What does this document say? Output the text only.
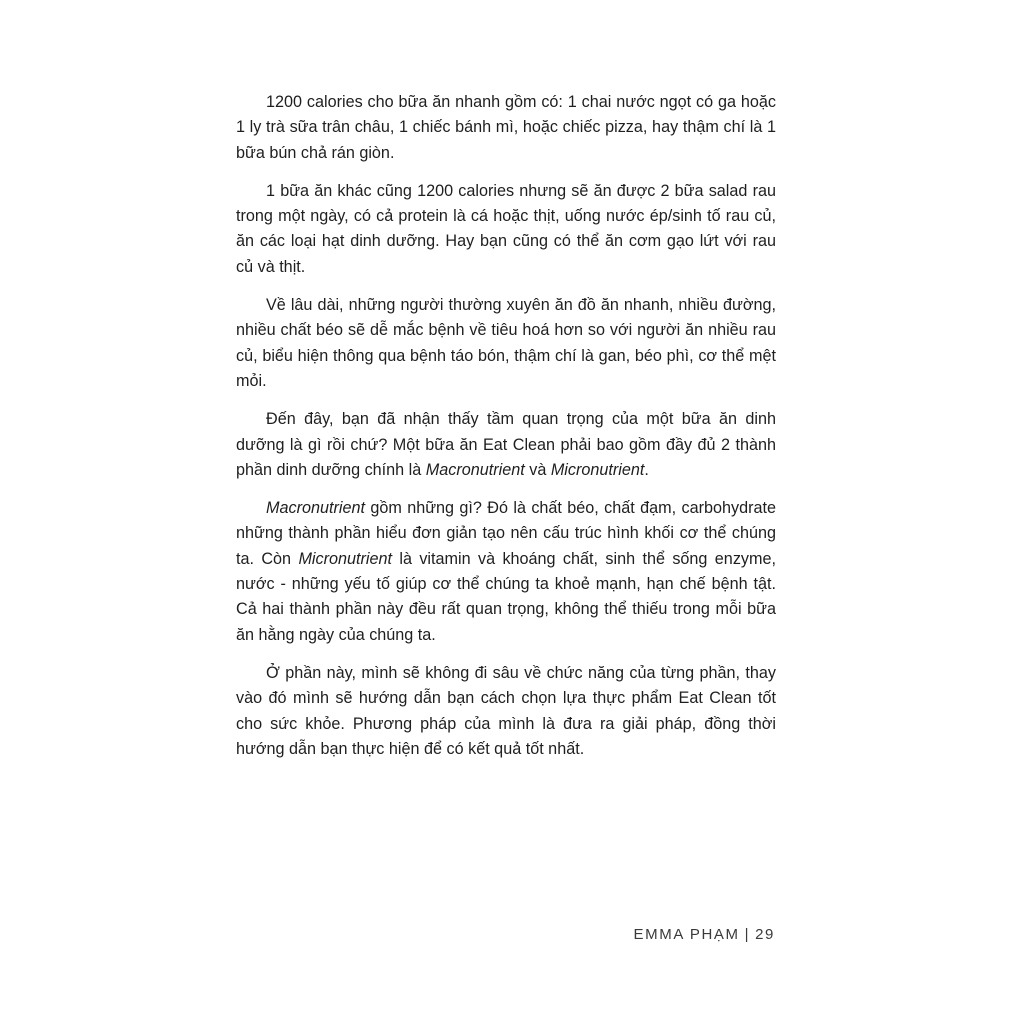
1200 calories cho bữa ăn nhanh gồm có: 1 chai nước ngọt có ga hoặc 1 ly trà sữa trân châu, 1 chiếc bánh mì, hoặc chiếc pizza, hay thậm chí là 1 bữa bún chả rán giòn.

1 bữa ăn khác cũng 1200 calories nhưng sẽ ăn được 2 bữa salad rau trong một ngày, có cả protein là cá hoặc thịt, uống nước ép/sinh tố rau củ, ăn các loại hạt dinh dưỡng. Hay bạn cũng có thể ăn cơm gạo lứt với rau củ và thịt.

Về lâu dài, những người thường xuyên ăn đồ ăn nhanh, nhiều đường, nhiều chất béo sẽ dễ mắc bệnh về tiêu hoá hơn so với người ăn nhiều rau củ, biểu hiện thông qua bệnh táo bón, thậm chí là gan, béo phì, cơ thể mệt mỏi.

Đến đây, bạn đã nhận thấy tầm quan trọng của một bữa ăn dinh dưỡng là gì rồi chứ? Một bữa ăn Eat Clean phải bao gồm đầy đủ 2 thành phần dinh dưỡng chính là Macronutrient và Micronutrient.

Macronutrient gồm những gì? Đó là chất béo, chất đạm, carbohydrate những thành phần hiểu đơn giản tạo nên cấu trúc hình khối cơ thể chúng ta. Còn Micronutrient là vitamin và khoáng chất, sinh thể sống enzyme, nước - những yếu tố giúp cơ thể chúng ta khoẻ mạnh, hạn chế bệnh tật. Cả hai thành phần này đều rất quan trọng, không thể thiếu trong mỗi bữa ăn hằng ngày của chúng ta.

Ở phần này, mình sẽ không đi sâu về chức năng của từng phần, thay vào đó mình sẽ hướng dẫn bạn cách chọn lựa thực phẩm Eat Clean tốt cho sức khỏe. Phương pháp của mình là đưa ra giải pháp, đồng thời hướng dẫn bạn thực hiện để có kết quả tốt nhất.

EMMA PHẠM | 29
